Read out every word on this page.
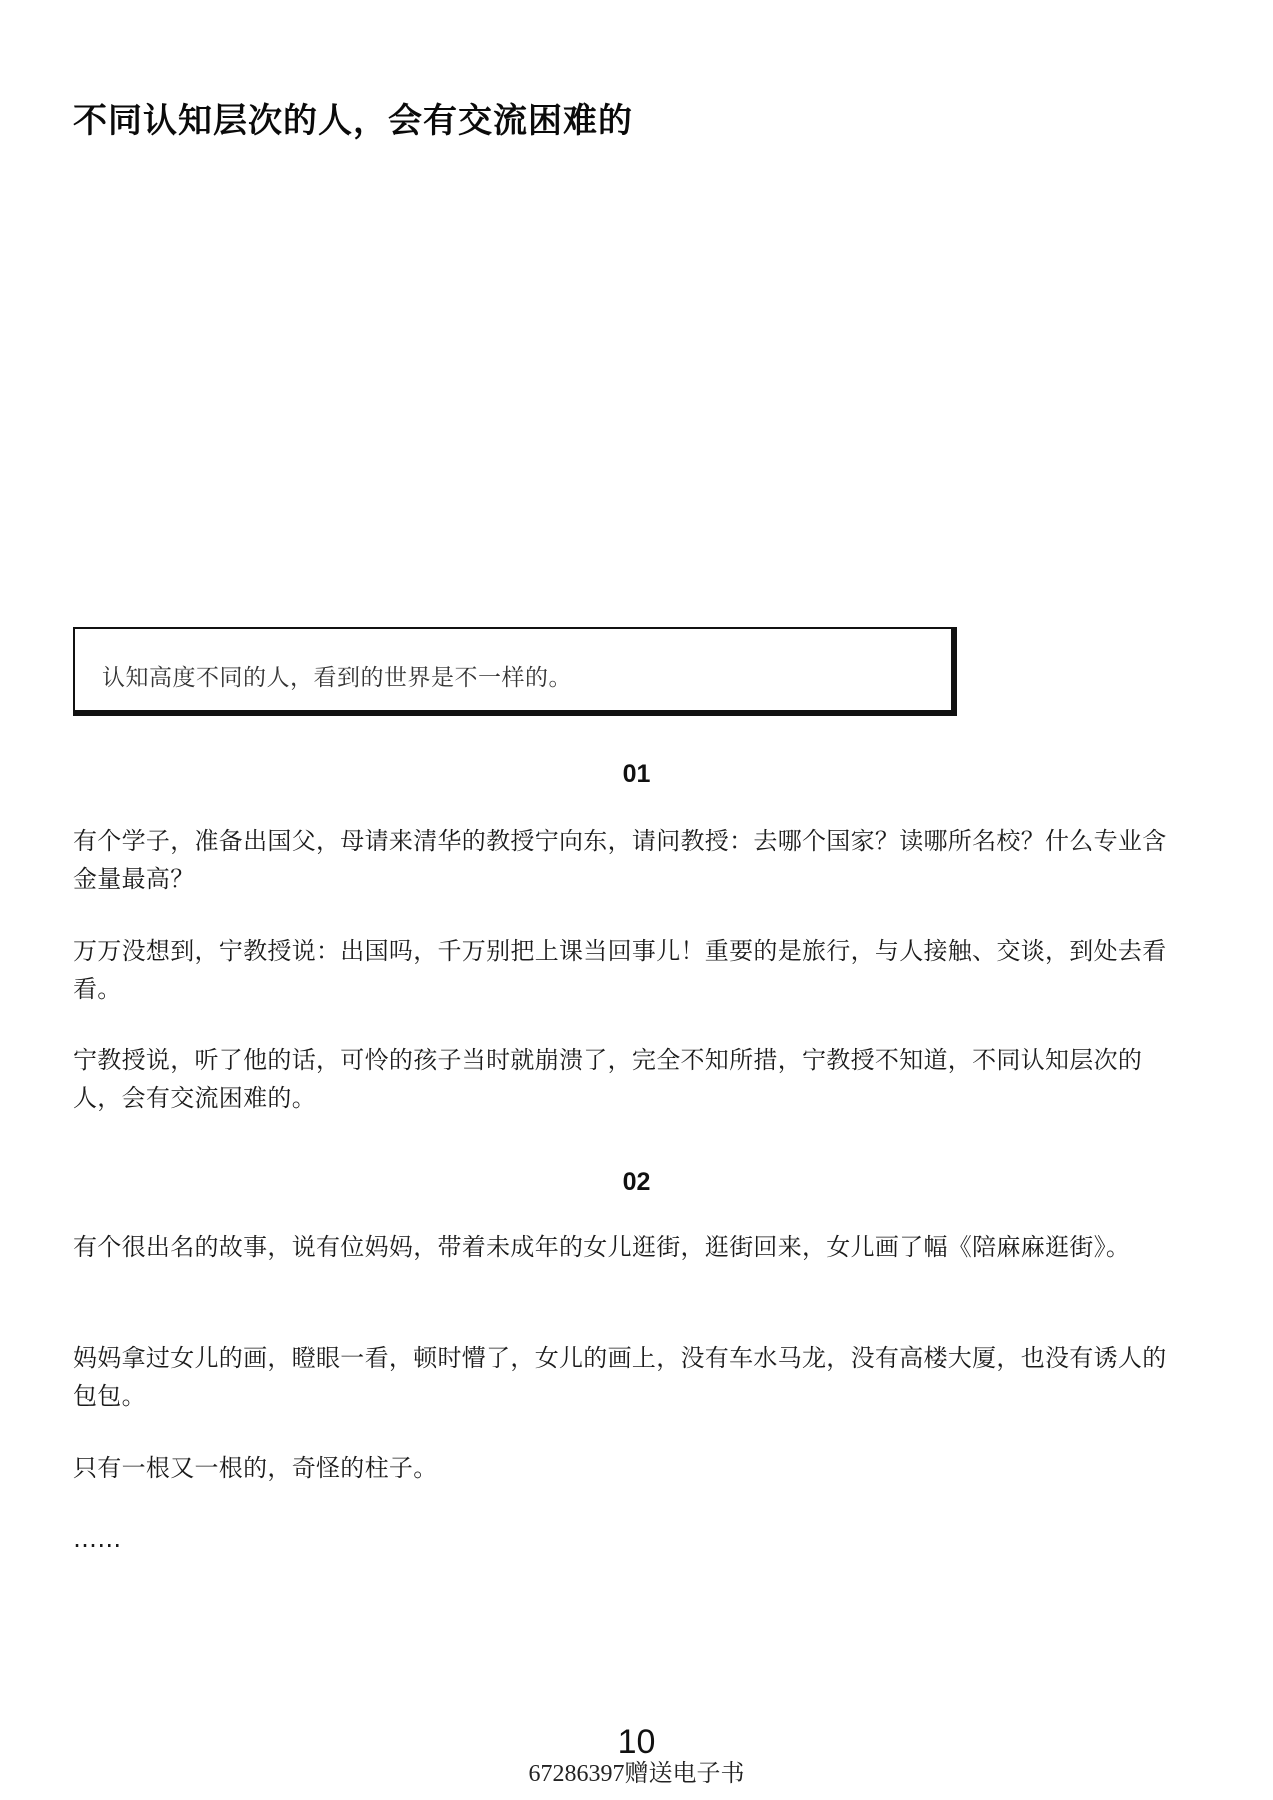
不同认知层次的人，会有交流困难的
认知高度不同的人，看到的世界是不一样的。
01

有个学子，准备出国父，母请来清华的教授宁向东，请问教授：去哪个国家？读哪所名校？什么专业含金量最高？

万万没想到，宁教授说：出国吗，千万别把上课当回事儿！重要的是旅行，与人接触、交谈，到处去看看。

宁教授说，听了他的话，可怜的孩子当时就崩溃了，完全不知所措，宁教授不知道，不同认知层次的人，会有交流困难的。

02

有个很出名的故事，说有位妈妈，带着未成年的女儿逛街，逛街回来，女儿画了幅《陪麻麻逛街》。

妈妈拿过女儿的画，瞪眼一看，顿时懵了，女儿的画上，没有车水马龙，没有高楼大厦，也没有诱人的包包。

只有一根又一根的，奇怪的柱子。

……

10
67286397赠送电子书
